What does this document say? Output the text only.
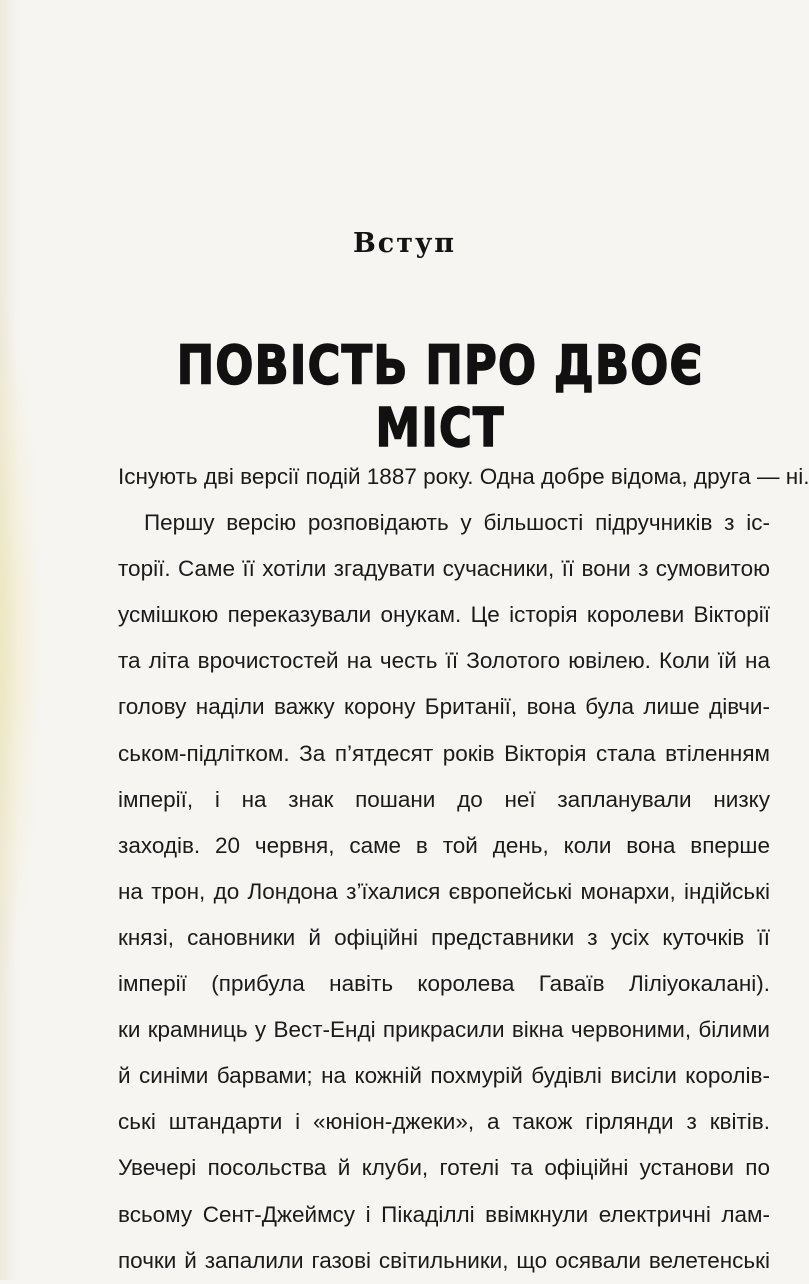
Вступ
ПОВІСТЬ ПРО ДВОЄ МІСТ
Існують дві версії подій 1887 року. Одна добре відома, друга — ні.
Першу версію розповідають у більшості підручників з іс-
торії. Саме її хотіли згадувати сучасники, її вони з сумовитою
усмішкою переказували онукам. Це історія королеви Вікторії
та літа врочистостей на честь її Золотого ювілею. Коли їй на
голову наділи важку корону Британії, вона була лише дівчи-
ськом-підлітком. За п’ятдесят років Вікторія стала втіленням
імперії, і на знак пошани до неї запланували низку
заходів. 20 червня, саме в той день, коли вона вперше
на трон, до Лондона з’їхалися європейські монархи, індійські
князі, сановники й офіційні представники з усіх куточків її
імперії (прибула навіть королева Гаваїв Ліліуокалані).
ки крамниць у Вест-Енді прикрасили вікна червоними, білими
й синіми барвами; на кожній похмурій будівлі висіли королів-
ські штандарти і «юніон-джеки», а також гірлянди з квітів.
Увечері посольства й клуби, готелі та офіційні установи по
всьому Сент-Джеймсу і Пікаділлі ввімкнули електричні лам-
почки й запалили газові світильники, що осявали велетенські
